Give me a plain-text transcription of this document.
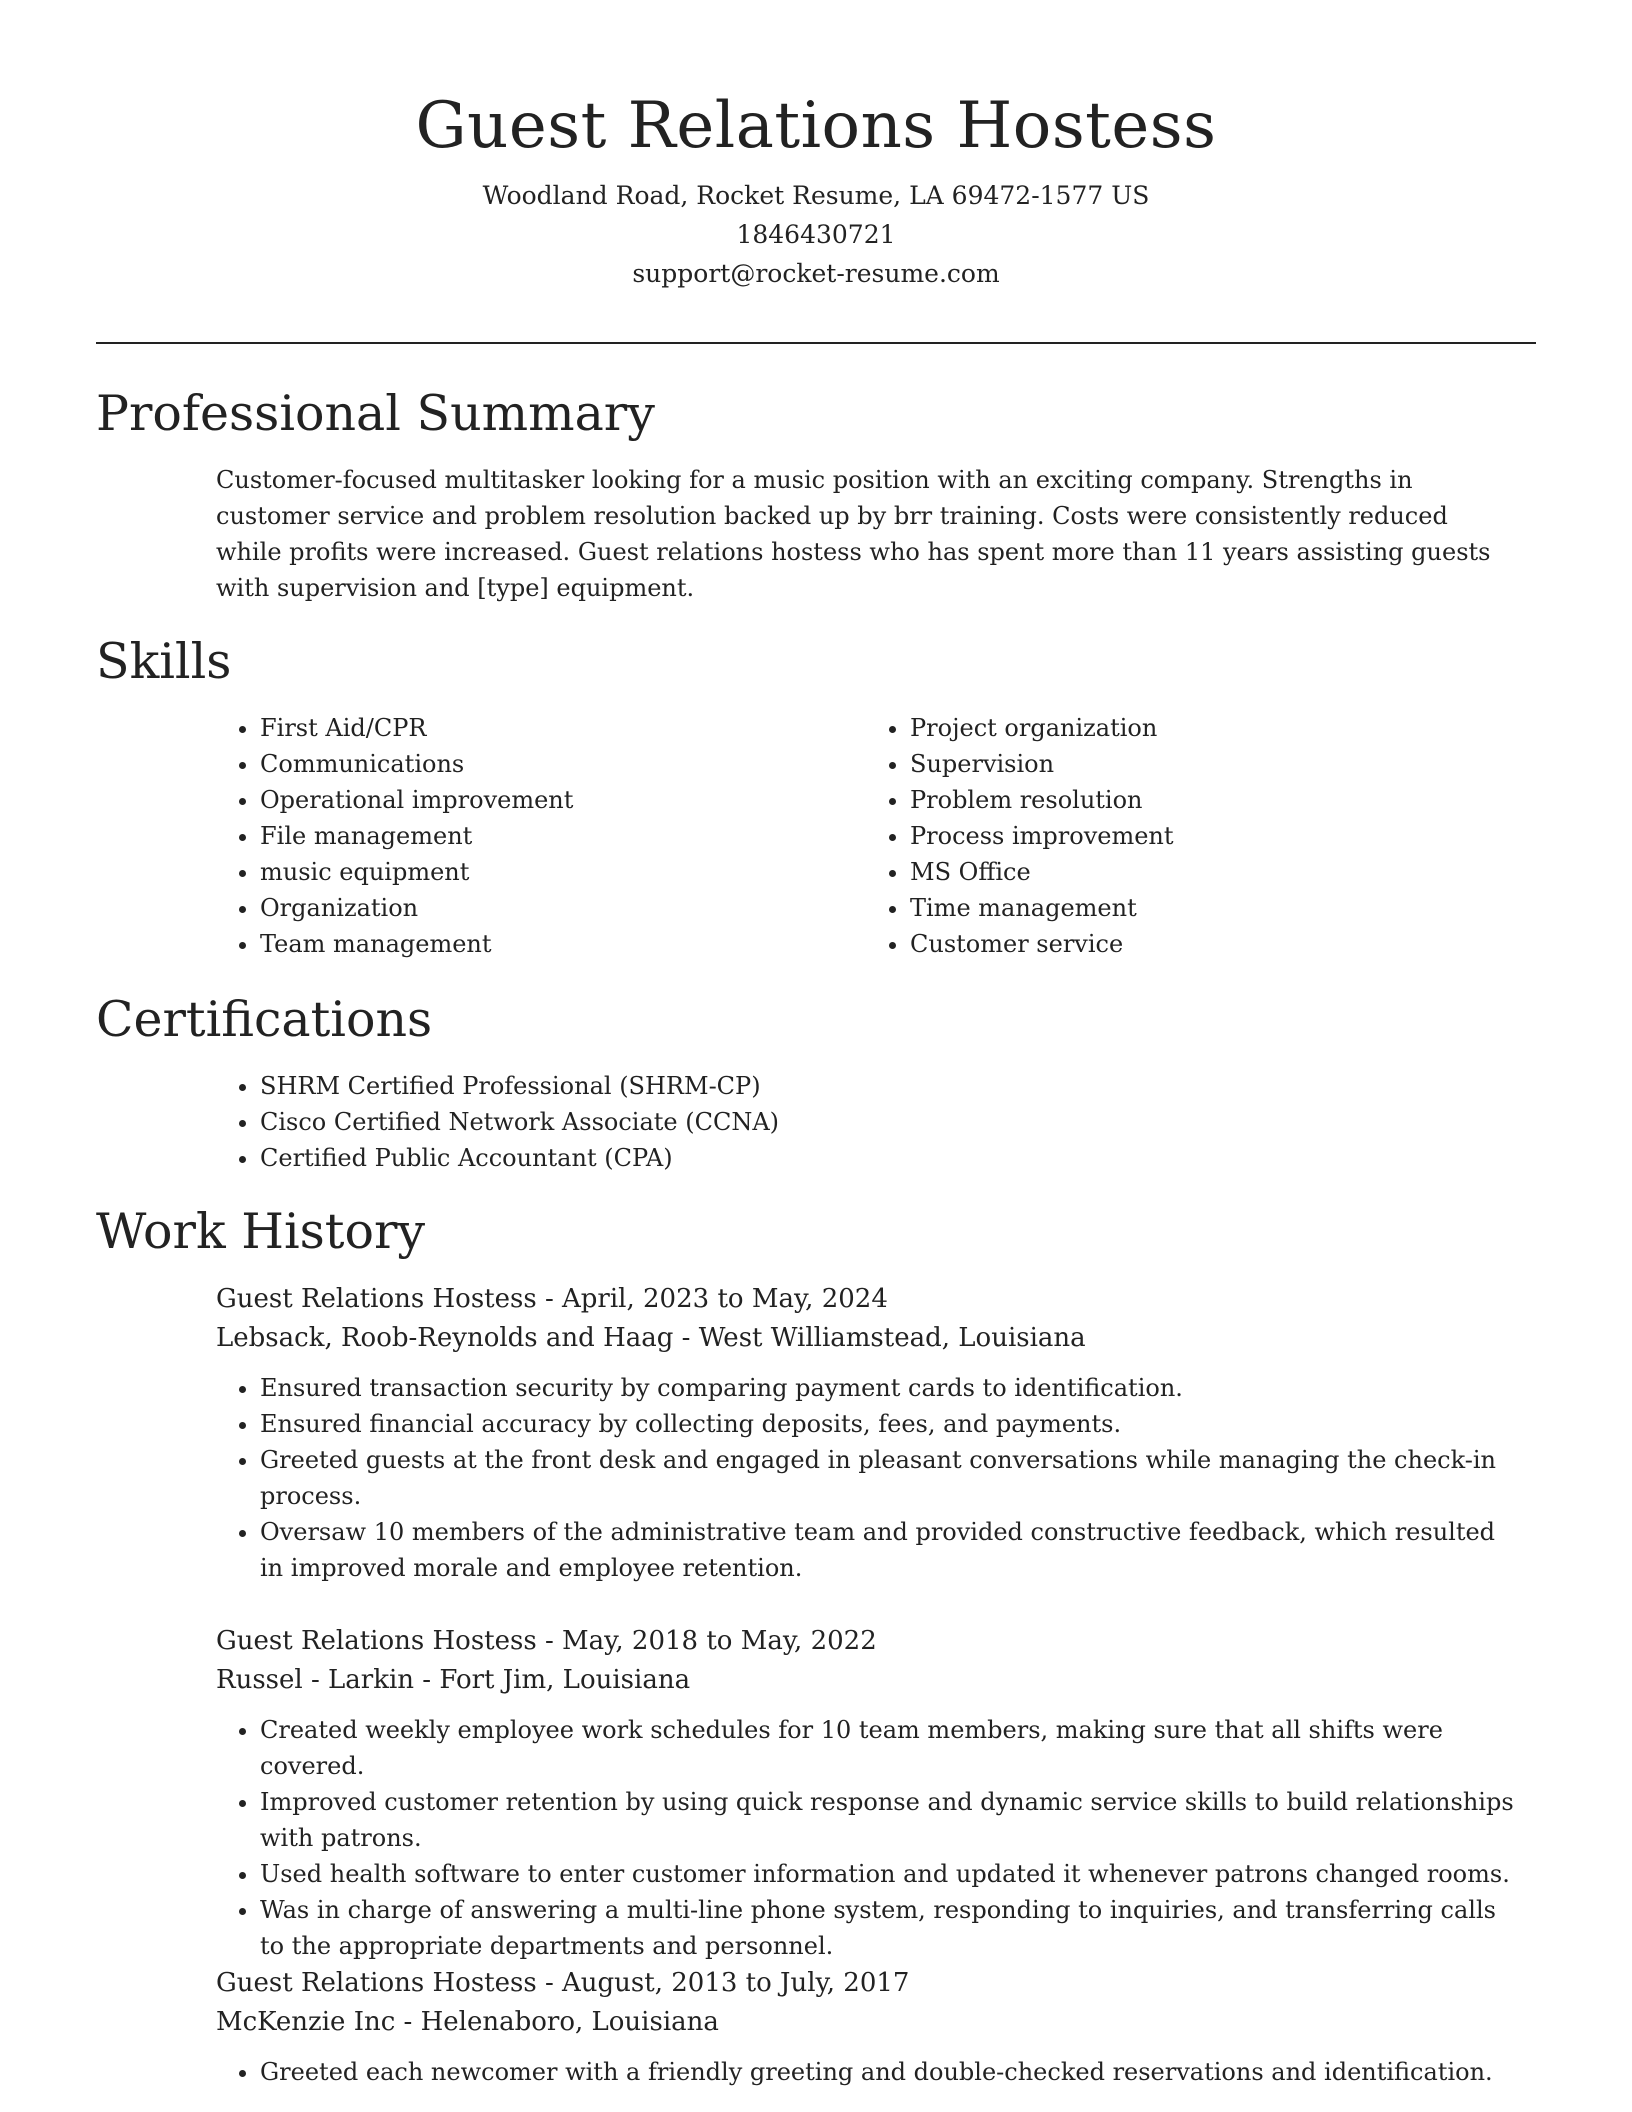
Guest Relations Hostess

Woodland Road, Rocket Resume, LA 69472-1577 US

1846430721

support@rocket-resume.com

Professional Summary

Customer-focused multitasker looking for a music position with an exciting company. Strengths in customer service and problem resolution backed up by brr training. Costs were consistently reduced while profits were increased. Guest relations hostess who has spent more than 11 years assisting guests with supervision and [type] equipment.

Skills
• First Aid/CPR
• Communications
• Operational improvement
• File management
• music equipment
• Organization
• Team management
• Project organization
• Supervision
• Problem resolution
• Process improvement
• MS Office
• Time management
• Customer service
Certifications
• SHRM Certified Professional (SHRM-CP)
• Cisco Certified Network Associate (CCNA)
• Certified Public Accountant (CPA)
Work History

Guest Relations Hostess - April, 2023 to May, 2024

Lebsack, Roob-Reynolds and Haag - West Williamstead, Louisiana

• Ensured transaction security by comparing payment cards to identification.
• Ensured financial accuracy by collecting deposits, fees, and payments.
• Greeted guests at the front desk and engaged in pleasant conversations while managing the check-in process.
• Oversaw 10 members of the administrative team and provided constructive feedback, which resulted in improved morale and employee retention.

Guest Relations Hostess - May, 2018 to May, 2022

Russel - Larkin - Fort Jim, Louisiana

• Created weekly employee work schedules for 10 team members, making sure that all shifts were covered.
• Improved customer retention by using quick response and dynamic service skills to build relationships with patrons.
• Used health software to enter customer information and updated it whenever patrons changed rooms.
• Was in charge of answering a multi-line phone system, responding to inquiries, and transferring calls to the appropriate departments and personnel.

Guest Relations Hostess - August, 2013 to July, 2017

McKenzie Inc - Helenaboro, Louisiana

• Greeted each newcomer with a friendly greeting and double-checked reservations and identification.
